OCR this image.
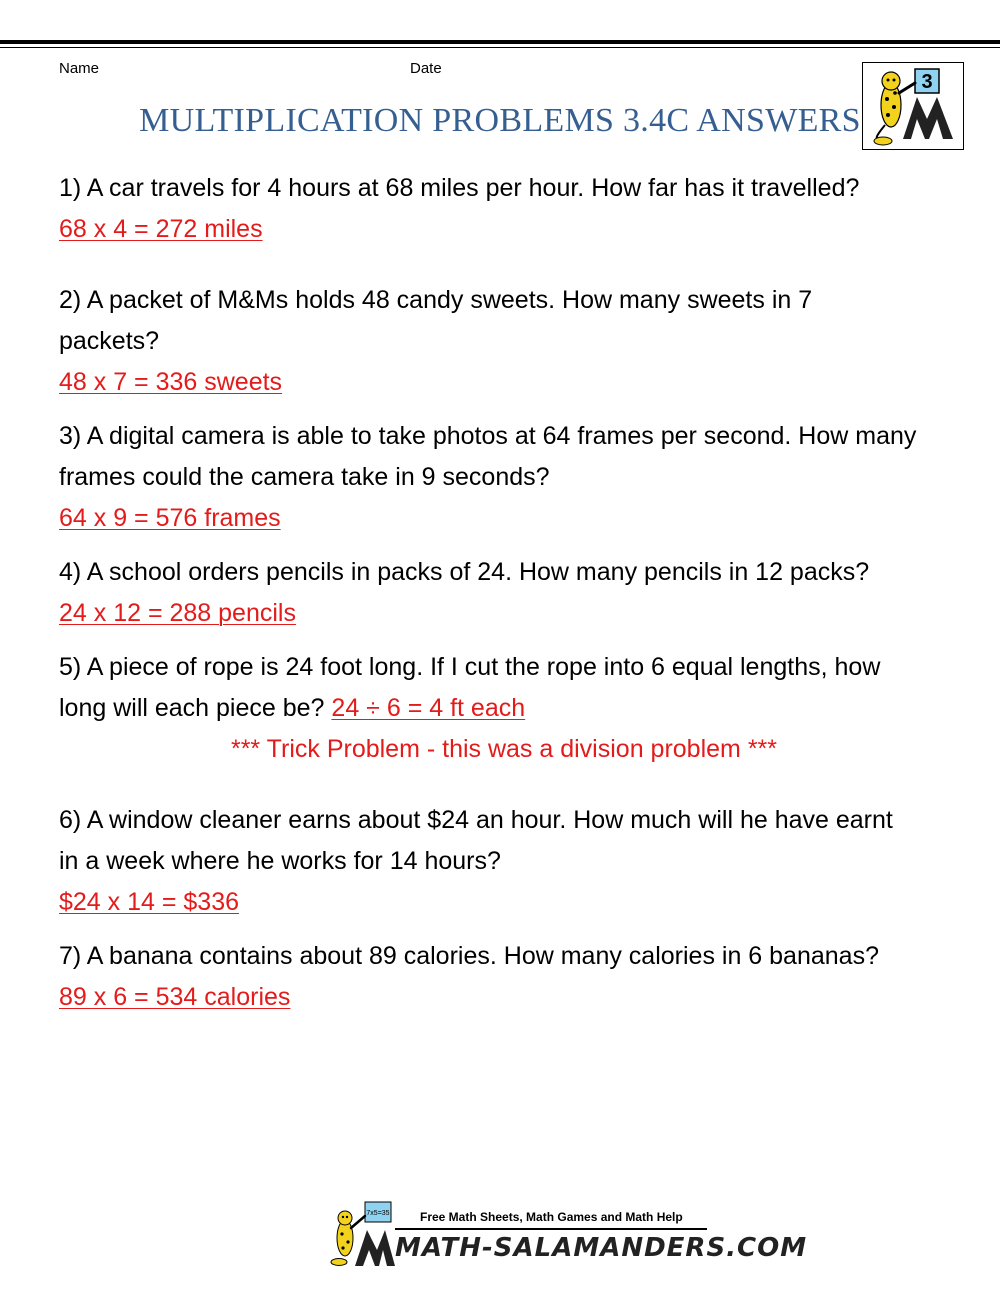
Name	Date
MULTIPLICATION PROBLEMS 3.4C ANSWERS
3

1) A car travels for 4 hours at 68 miles per hour. How far has it travelled?

68 x 4 = 272 miles

2) A packet of M&Ms holds 48 candy sweets. How many sweets in 7 packets?

48 x 7 = 336 sweets

3) A digital camera is able to take photos at 64 frames per second. How many frames could the camera take in 9 seconds?

64 x 9 = 576 frames

4) A school orders pencils in packs of 24. How many pencils in 12 packs?

24 x 12 = 288 pencils

5) A piece of rope is 24 foot long. If I cut the rope into 6 equal lengths, how long will each piece be? 24 ÷ 6 = 4 ft each

*** Trick Problem - this was a division problem ***

6) A window cleaner earns about $24 an hour. How much will he have earnt in a week where he works for 14 hours?

$24 x 14 = $336

7) A banana contains about 89 calories. How many calories in 6 bananas?

89 x 6 = 534 calories

7x5=35	Free Math Sheets, Math Games and Math Help
MATH-SALAMANDERS.COM
